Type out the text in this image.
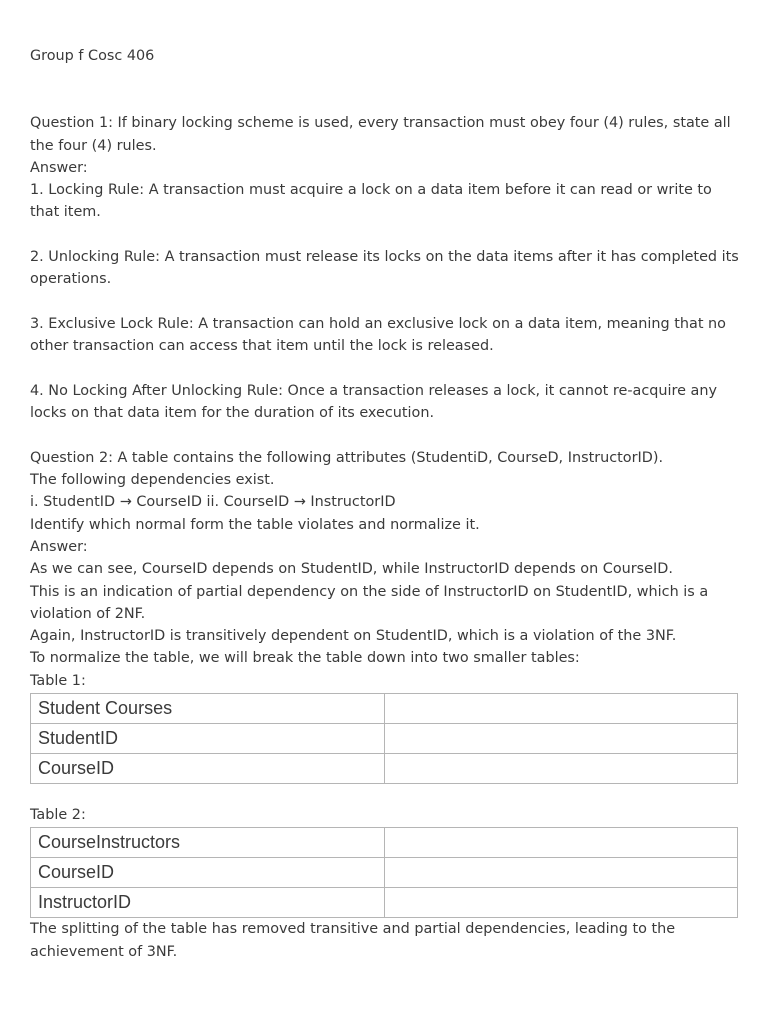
Group f Cosc 406

Question 1: If binary locking scheme is used, every transaction must obey four (4) rules, state all the four (4) rules.

Answer:

1. Locking Rule: A transaction must acquire a lock on a data item before it can read or write to that item.

2. Unlocking Rule: A transaction must release its locks on the data items after it has completed its operations.

3. Exclusive Lock Rule: A transaction can hold an exclusive lock on a data item, meaning that no other transaction can access that item until the lock is released.

4. No Locking After Unlocking Rule: Once a transaction releases a lock, it cannot re-acquire any locks on that data item for the duration of its execution.

Question 2: A table contains the following attributes (StudentiD, CourseD, InstructorID).

The following dependencies exist.

i. StudentID → CourseID ii. CourseID → InstructorID

Identify which normal form the table violates and normalize it.

Answer:

As we can see, CourseID depends on StudentID, while InstructorID depends on CourseID.

This is an indication of partial dependency on the side of InstructorID on StudentID, which is a violation of 2NF.

Again, InstructorID is transitively dependent on StudentID, which is a violation of the 3NF.

To normalize the table, we will break the table down into two smaller tables:

Table 1:

Student Courses	
StudentID	
CourseID	

Table 2:

CourseInstructors	
CourseID	
InstructorID	

The splitting of the table has removed transitive and partial dependencies, leading to the achievement of 3NF.
